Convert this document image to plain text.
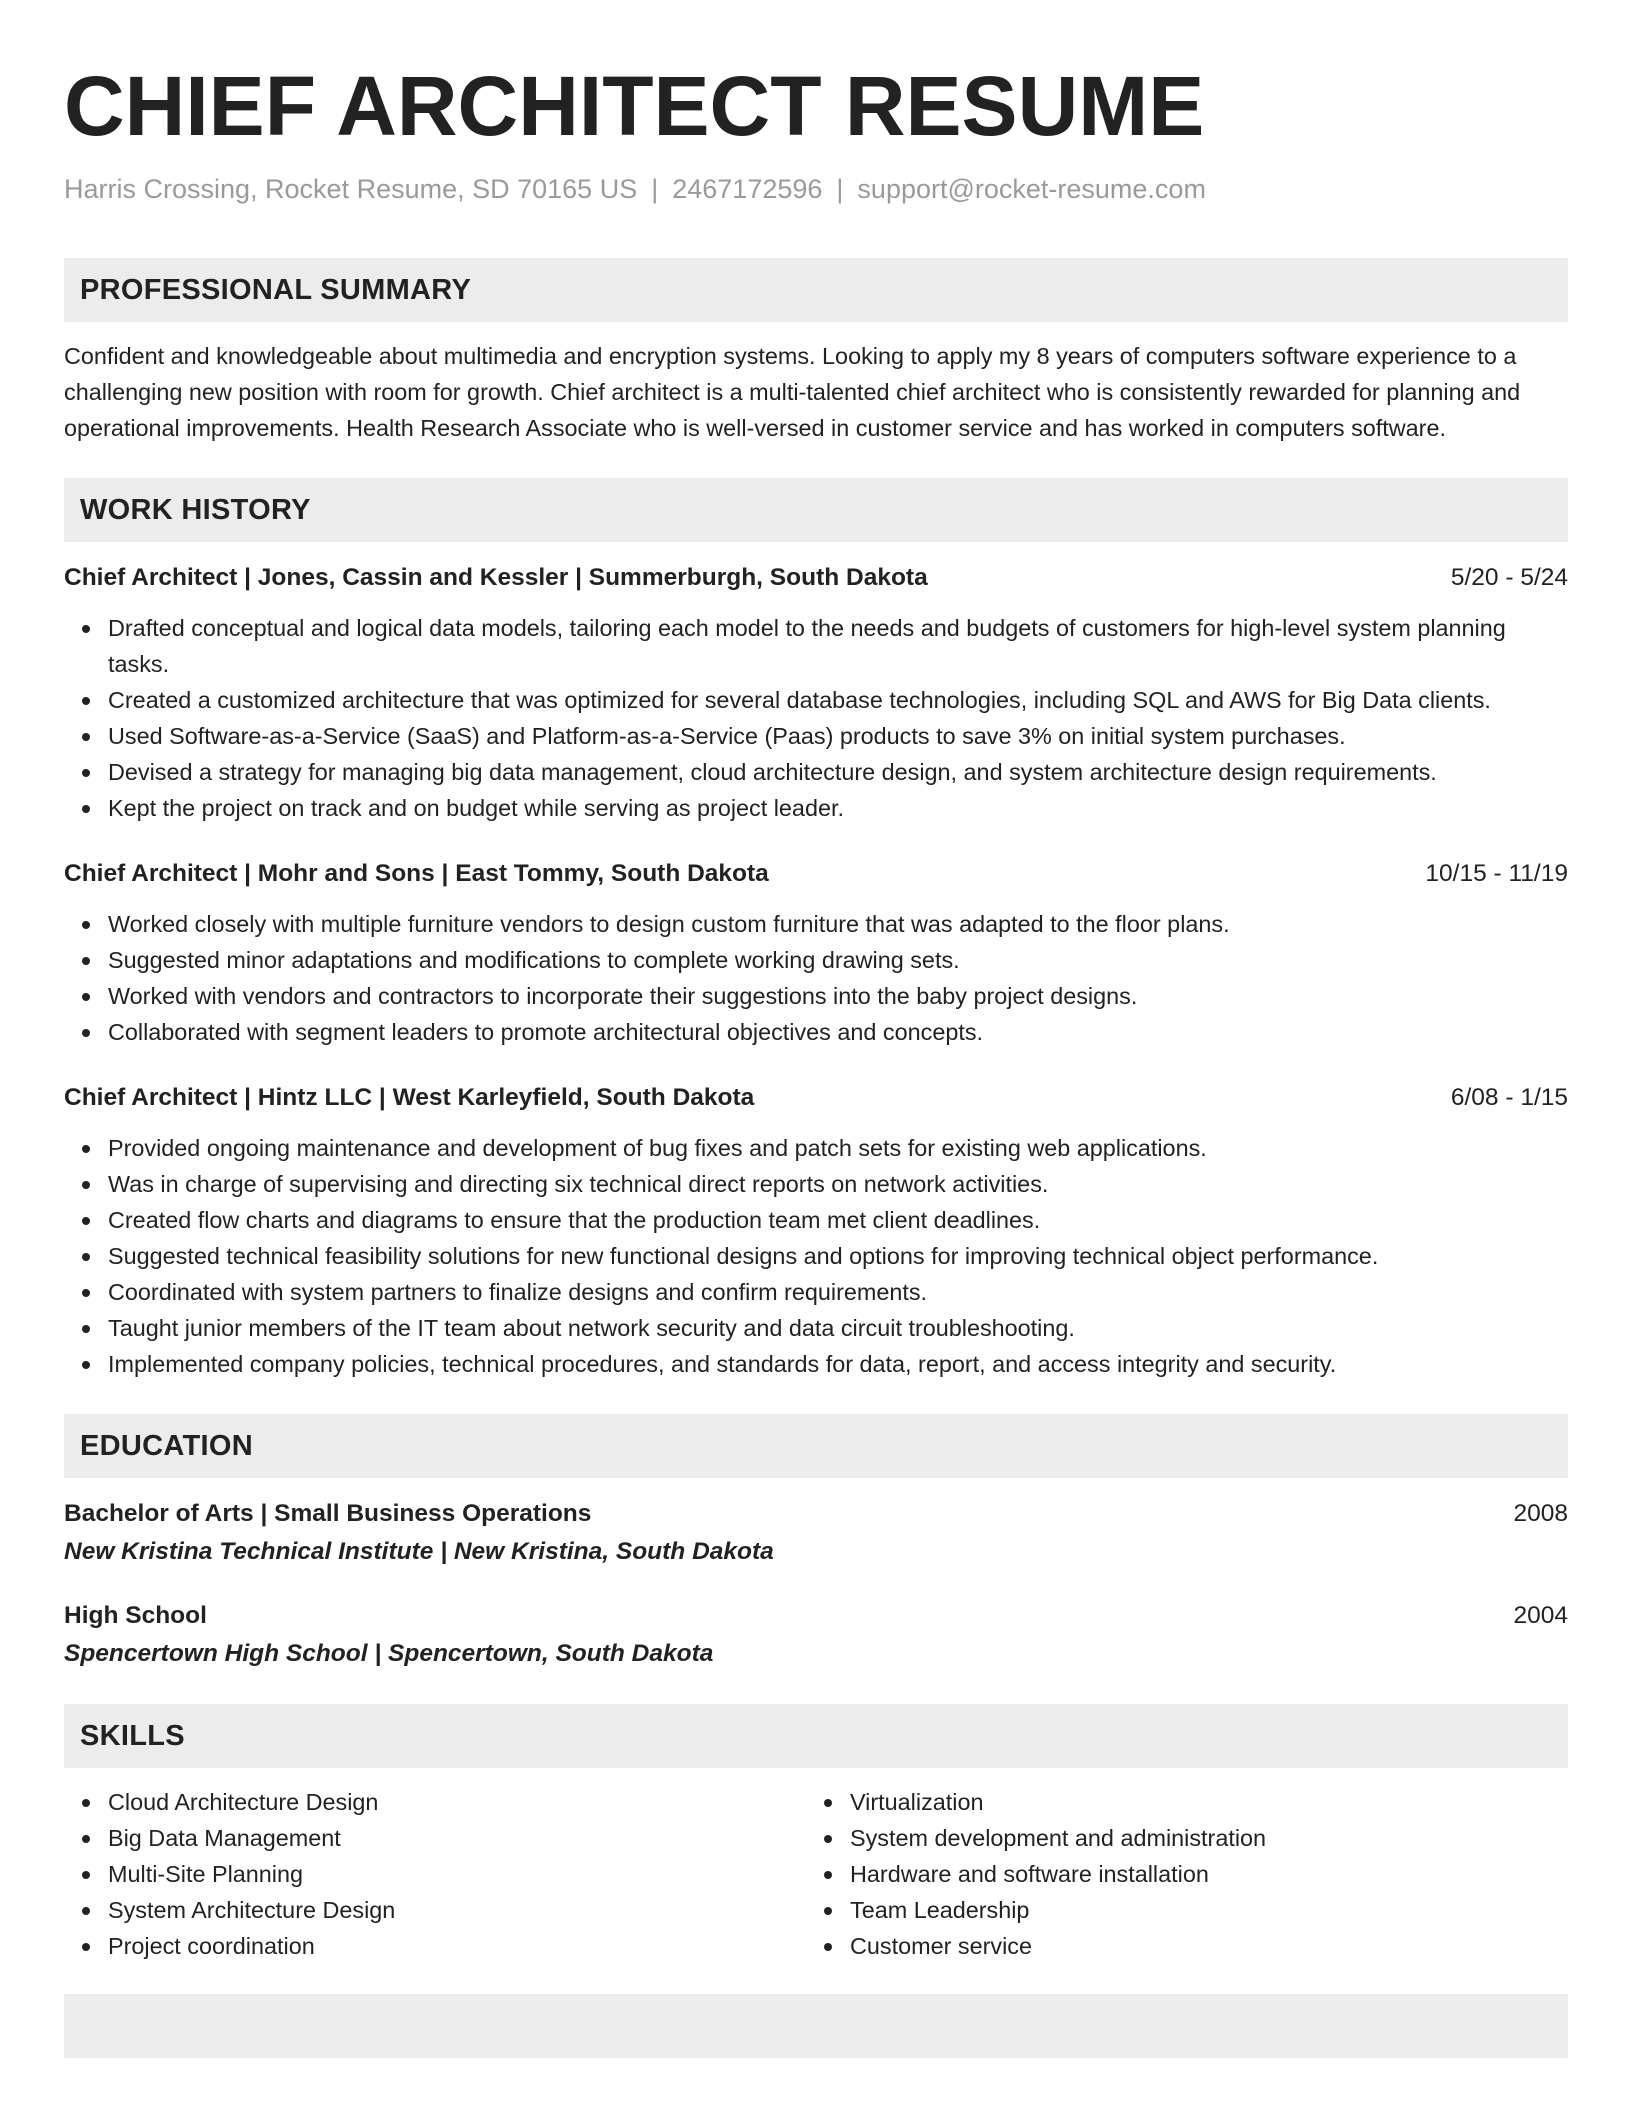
CHIEF ARCHITECT RESUME
Harris Crossing, Rocket Resume, SD 70165 US | 2467172596 | support@rocket-resume.com
PROFESSIONAL SUMMARY
Confident and knowledgeable about multimedia and encryption systems. Looking to apply my 8 years of computers software experience to a challenging new position with room for growth. Chief architect is a multi-talented chief architect who is consistently rewarded for planning and operational improvements. Health Research Associate who is well-versed in customer service and has worked in computers software.
WORK HISTORY
Chief Architect | Jones, Cassin and Kessler | Summerburgh, South Dakota	5/20 - 5/24
Drafted conceptual and logical data models, tailoring each model to the needs and budgets of customers for high-level system planning tasks.
Created a customized architecture that was optimized for several database technologies, including SQL and AWS for Big Data clients.
Used Software-as-a-Service (SaaS) and Platform-as-a-Service (Paas) products to save 3% on initial system purchases.
Devised a strategy for managing big data management, cloud architecture design, and system architecture design requirements.
Kept the project on track and on budget while serving as project leader.
Chief Architect | Mohr and Sons | East Tommy, South Dakota	10/15 - 11/19
Worked closely with multiple furniture vendors to design custom furniture that was adapted to the floor plans.
Suggested minor adaptations and modifications to complete working drawing sets.
Worked with vendors and contractors to incorporate their suggestions into the baby project designs.
Collaborated with segment leaders to promote architectural objectives and concepts.
Chief Architect | Hintz LLC | West Karleyfield, South Dakota	6/08 - 1/15
Provided ongoing maintenance and development of bug fixes and patch sets for existing web applications.
Was in charge of supervising and directing six technical direct reports on network activities.
Created flow charts and diagrams to ensure that the production team met client deadlines.
Suggested technical feasibility solutions for new functional designs and options for improving technical object performance.
Coordinated with system partners to finalize designs and confirm requirements.
Taught junior members of the IT team about network security and data circuit troubleshooting.
Implemented company policies, technical procedures, and standards for data, report, and access integrity and security.
EDUCATION
Bachelor of Arts | Small Business Operations	2008
New Kristina Technical Institute | New Kristina, South Dakota
High School	2004
Spencertown High School | Spencertown, South Dakota
SKILLS
Cloud Architecture Design
Big Data Management
Multi-Site Planning
System Architecture Design
Project coordination
Virtualization
System development and administration
Hardware and software installation
Team Leadership
Customer service
